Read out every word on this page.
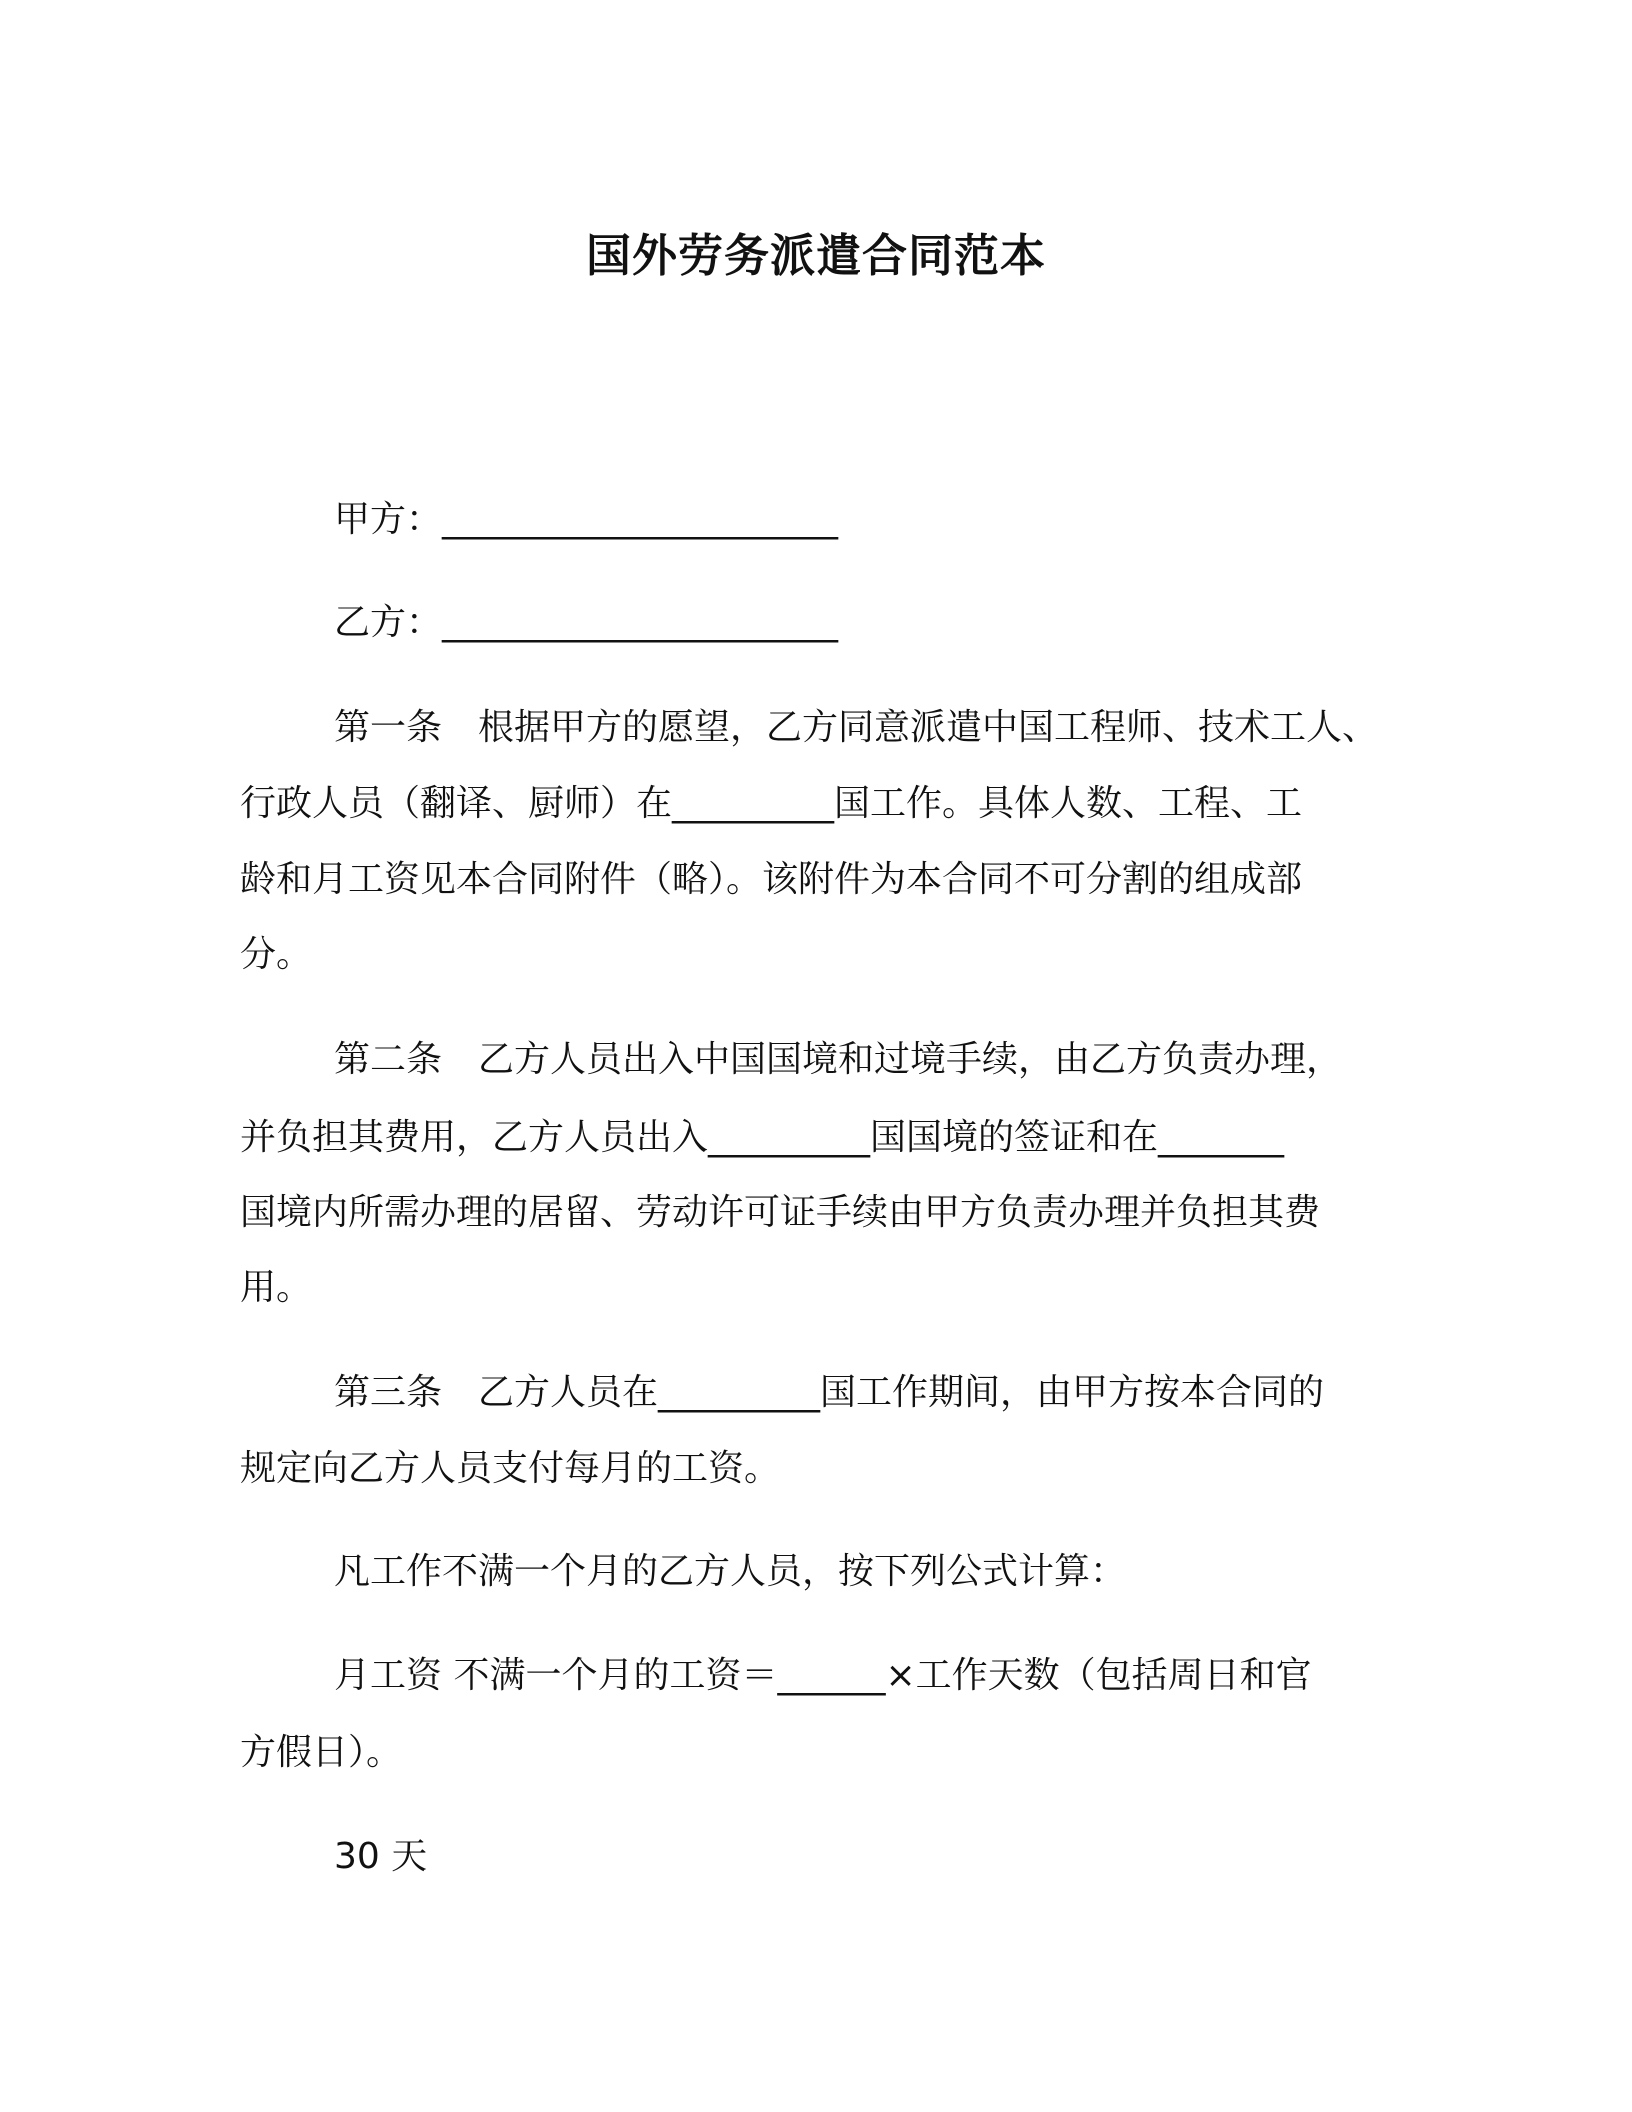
国外劳务派遣合同范本
甲方：______________________
乙方：______________________
第一条　根据甲方的愿望，乙方同意派遣中国工程师、技术工人、
行政人员（翻译、厨师）在_________国工作。具体人数、工程、工
龄和月工资见本合同附件（略）。该附件为本合同不可分割的组成部
分。
第二条　乙方人员出入中国国境和过境手续，由乙方负责办理，
并负担其费用，乙方人员出入_________国国境的签证和在_______
国境内所需办理的居留、劳动许可证手续由甲方负责办理并负担其费
用。
第三条　乙方人员在_________国工作期间，由甲方按本合同的
规定向乙方人员支付每月的工资。
凡工作不满一个月的乙方人员，按下列公式计算：
月工资 不满一个月的工资＝______×工作天数（包括周日和官
方假日）。
30 天
